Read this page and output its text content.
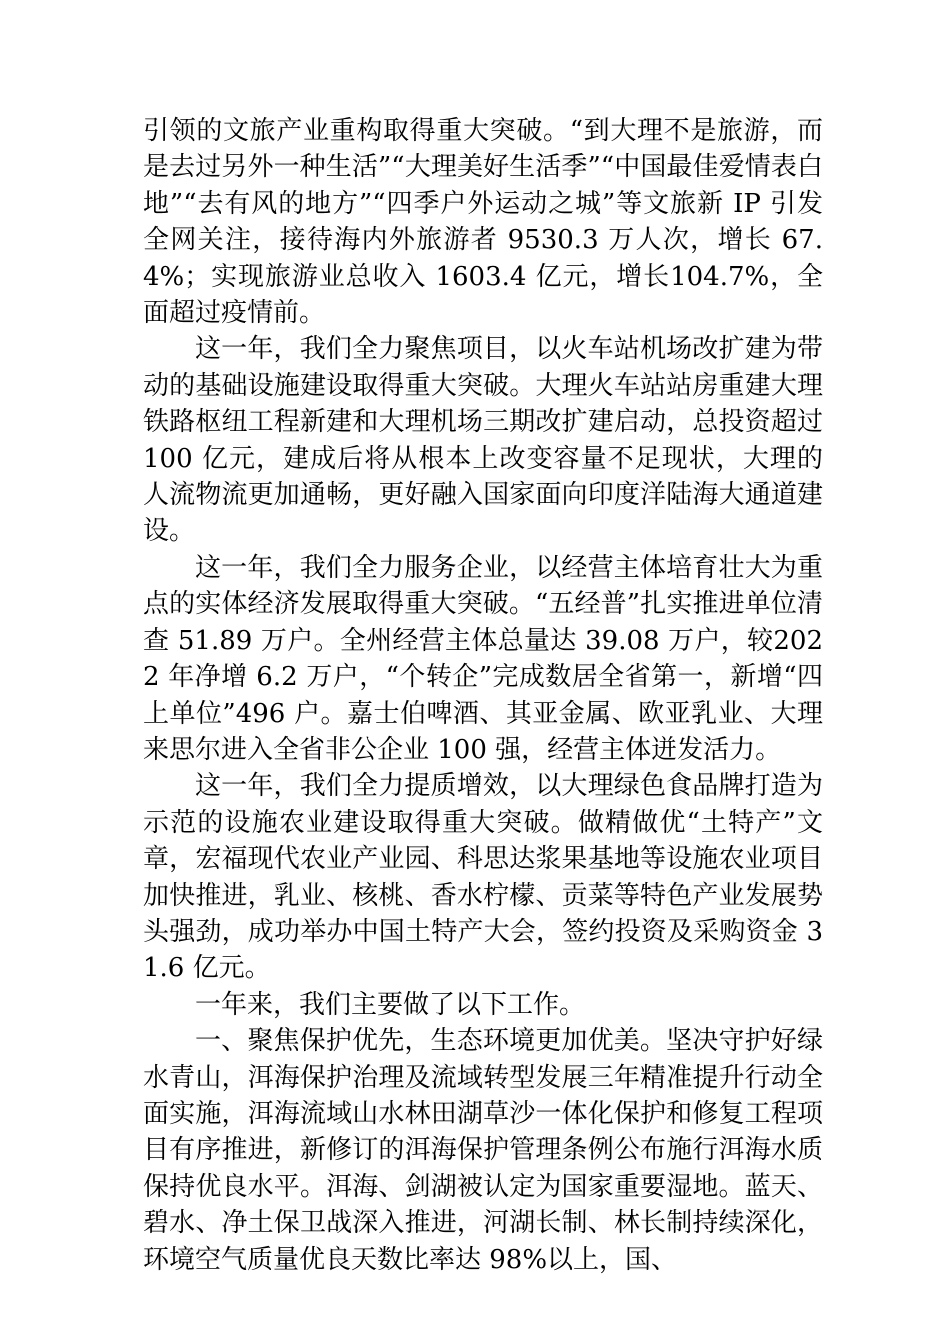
引领的文旅产业重构取得重大突破。“到大理不是旅游，而是去过另外一种生活”“大理美好生活季”“中国最佳爱情表白地”“去有风的地方”“四季户外运动之城”等文旅新 IP 引发全网关注，接待海内外旅游者 9530.3 万人次，增长 67.4%；实现旅游业总收入 1603.4 亿元，增长104.7%，全面超过疫情前。

这一年，我们全力聚焦项目，以火车站机场改扩建为带动的基础设施建设取得重大突破。大理火车站站房重建大理铁路枢纽工程新建和大理机场三期改扩建启动，总投资超过 100 亿元，建成后将从根本上改变容量不足现状，大理的人流物流更加通畅，更好融入国家面向印度洋陆海大通道建设。

这一年，我们全力服务企业，以经营主体培育壮大为重点的实体经济发展取得重大突破。“五经普”扎实推进单位清查 51.89 万户。全州经营主体总量达 39.08 万户，较2022 年净增 6.2 万户，“个转企”完成数居全省第一，新增“四上单位”496 户。嘉士伯啤酒、其亚金属、欧亚乳业、大理来思尔进入全省非公企业 100 强，经营主体迸发活力。

这一年，我们全力提质增效，以大理绿色食品牌打造为示范的设施农业建设取得重大突破。做精做优“土特产”文章，宏福现代农业产业园、科思达浆果基地等设施农业项目加快推进，乳业、核桃、香水柠檬、贡菜等特色产业发展势头强劲，成功举办中国土特产大会，签约投资及采购资金 31.6 亿元。

一年来，我们主要做了以下工作。

一、聚焦保护优先，生态环境更加优美。坚决守护好绿水青山，洱海保护治理及流域转型发展三年精准提升行动全面实施，洱海流域山水林田湖草沙一体化保护和修复工程项目有序推进，新修订的洱海保护管理条例公布施行洱海水质保持优良水平。洱海、剑湖被认定为国家重要湿地。蓝天、碧水、净土保卫战深入推进，河湖长制、林长制持续深化，环境空气质量优良天数比率达 98%以上，国、
